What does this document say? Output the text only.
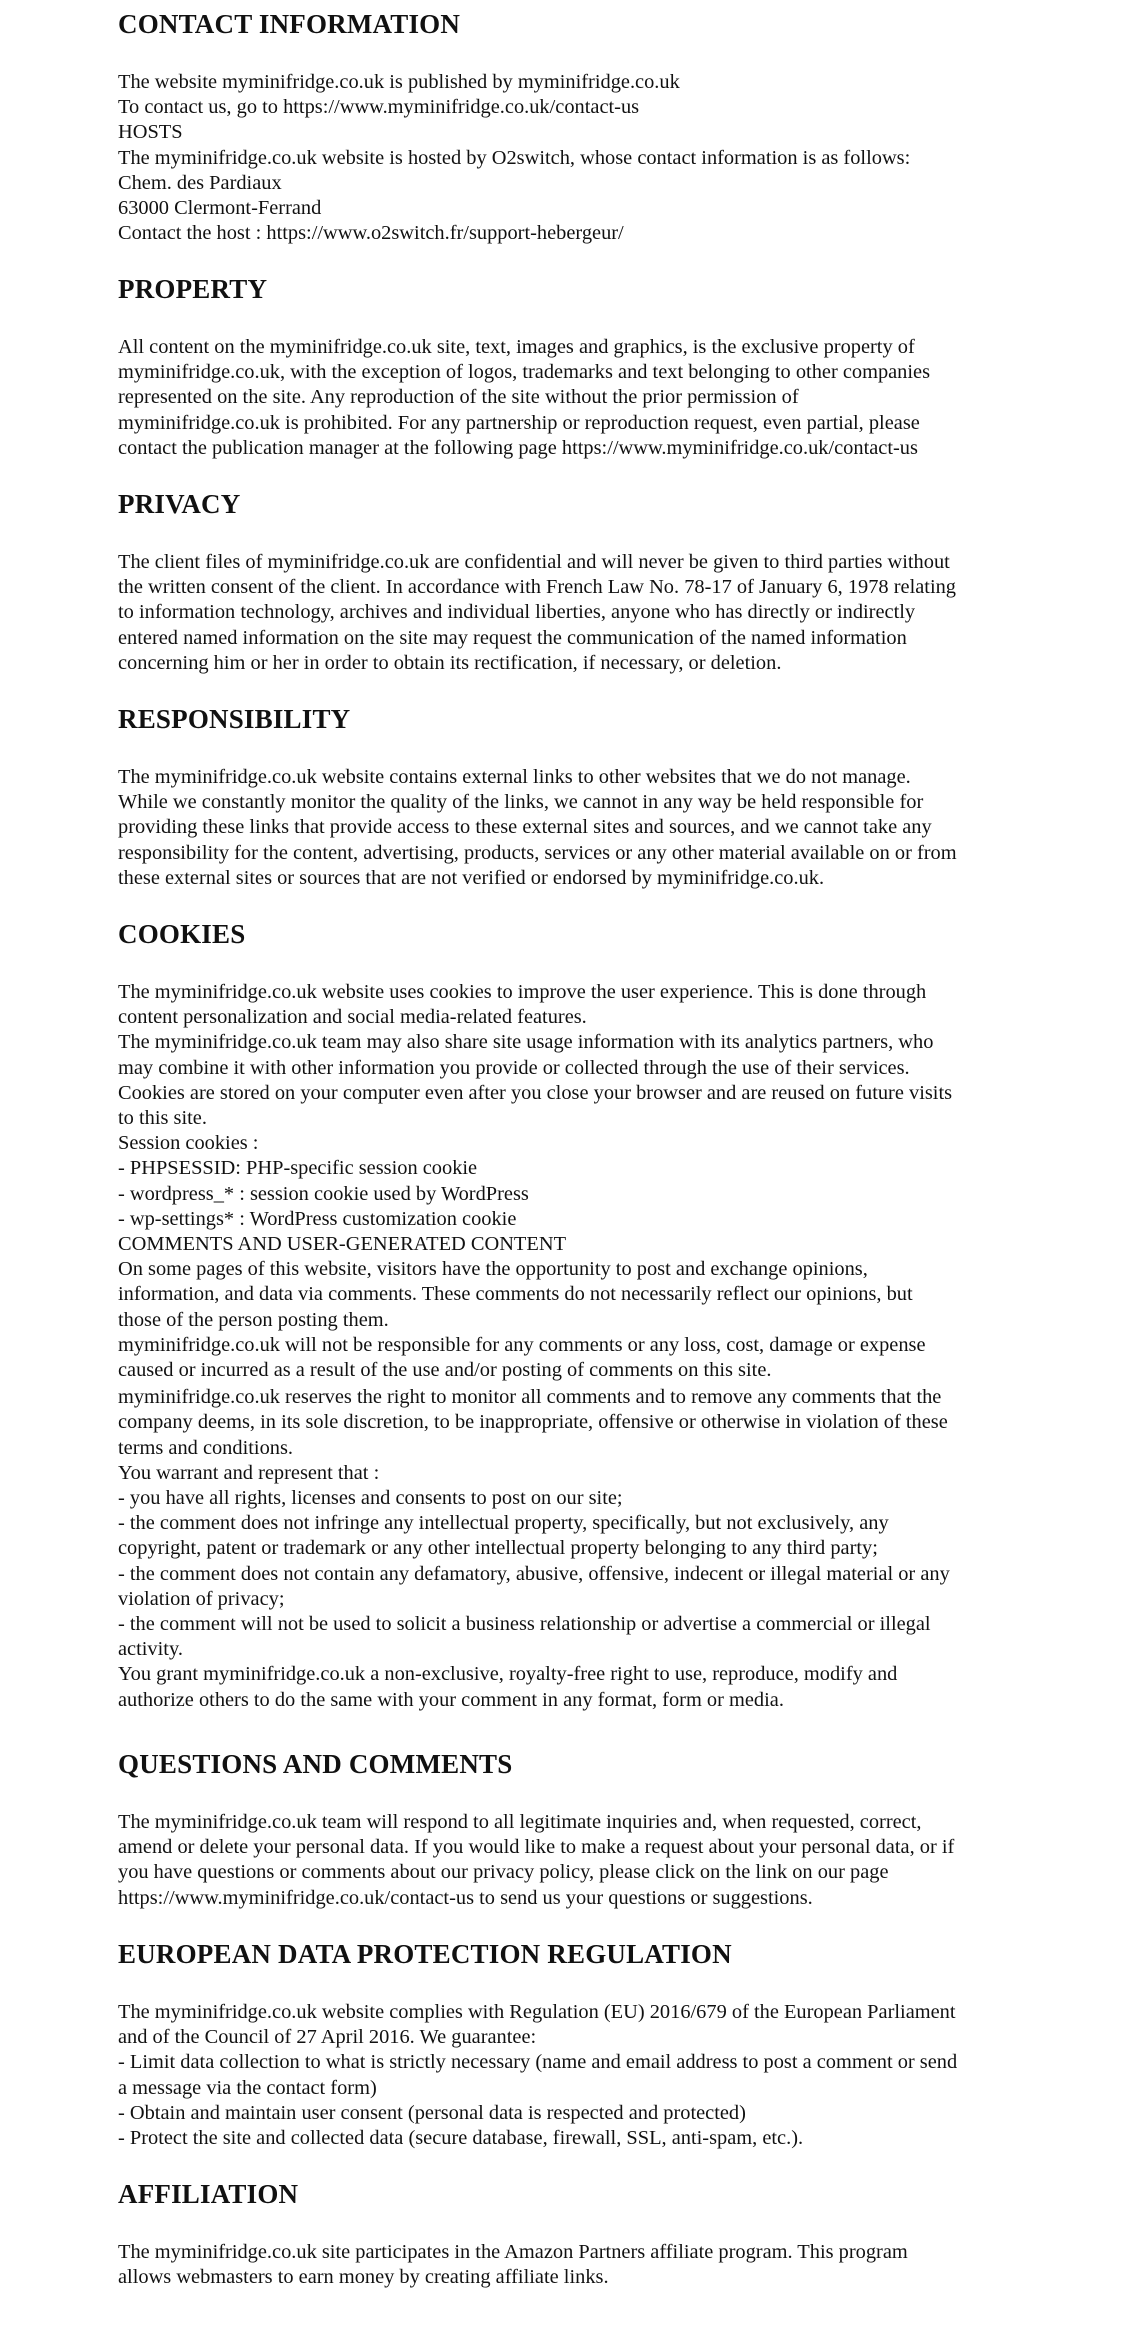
CONTACT INFORMATION
The website myminifridge.co.uk is published by myminifridge.co.uk
To contact us, go to https://www.myminifridge.co.uk/contact-us
HOSTS
The myminifridge.co.uk website is hosted by O2switch, whose contact information is as follows:
Chem. des Pardiaux
63000 Clermont-Ferrand
Contact the host : https://www.o2switch.fr/support-hebergeur/
PROPERTY
All content on the myminifridge.co.uk site, text, images and graphics, is the exclusive property of
myminifridge.co.uk, with the exception of logos, trademarks and text belonging to other companies
represented on the site. Any reproduction of the site without the prior permission of
myminifridge.co.uk is prohibited. For any partnership or reproduction request, even partial, please
contact the publication manager at the following page https://www.myminifridge.co.uk/contact-us
PRIVACY
The client files of myminifridge.co.uk are confidential and will never be given to third parties without
the written consent of the client. In accordance with French Law No. 78-17 of January 6, 1978 relating
to information technology, archives and individual liberties, anyone who has directly or indirectly
entered named information on the site may request the communication of the named information
concerning him or her in order to obtain its rectification, if necessary, or deletion.
RESPONSIBILITY
The myminifridge.co.uk website contains external links to other websites that we do not manage.
While we constantly monitor the quality of the links, we cannot in any way be held responsible for
providing these links that provide access to these external sites and sources, and we cannot take any
responsibility for the content, advertising, products, services or any other material available on or from
these external sites or sources that are not verified or endorsed by myminifridge.co.uk.
COOKIES
The myminifridge.co.uk website uses cookies to improve the user experience. This is done through
content personalization and social media-related features.
The myminifridge.co.uk team may also share site usage information with its analytics partners, who
may combine it with other information you provide or collected through the use of their services.
Cookies are stored on your computer even after you close your browser and are reused on future visits
to this site.
Session cookies :
- PHPSESSID: PHP-specific session cookie
- wordpress_* : session cookie used by WordPress
- wp-settings* : WordPress customization cookie
COMMENTS AND USER-GENERATED CONTENT
On some pages of this website, visitors have the opportunity to post and exchange opinions,
information, and data via comments. These comments do not necessarily reflect our opinions, but
those of the person posting them.
myminifridge.co.uk will not be responsible for any comments or any loss, cost, damage or expense
caused or incurred as a result of the use and/or posting of comments on this site.
myminifridge.co.uk reserves the right to monitor all comments and to remove any comments that the
company deems, in its sole discretion, to be inappropriate, offensive or otherwise in violation of these
terms and conditions.
You warrant and represent that :
- you have all rights, licenses and consents to post on our site;
- the comment does not infringe any intellectual property, specifically, but not exclusively, any
copyright, patent or trademark or any other intellectual property belonging to any third party;
- the comment does not contain any defamatory, abusive, offensive, indecent or illegal material or any
violation of privacy;
- the comment will not be used to solicit a business relationship or advertise a commercial or illegal
activity.
You grant myminifridge.co.uk a non-exclusive, royalty-free right to use, reproduce, modify and
authorize others to do the same with your comment in any format, form or media.
QUESTIONS AND COMMENTS
The myminifridge.co.uk team will respond to all legitimate inquiries and, when requested, correct,
amend or delete your personal data. If you would like to make a request about your personal data, or if
you have questions or comments about our privacy policy, please click on the link on our page
https://www.myminifridge.co.uk/contact-us to send us your questions or suggestions.
EUROPEAN DATA PROTECTION REGULATION
The myminifridge.co.uk website complies with Regulation (EU) 2016/679 of the European Parliament
and of the Council of 27 April 2016. We guarantee:
- Limit data collection to what is strictly necessary (name and email address to post a comment or send
a message via the contact form)
- Obtain and maintain user consent (personal data is respected and protected)
- Protect the site and collected data (secure database, firewall, SSL, anti-spam, etc.).
AFFILIATION
The myminifridge.co.uk site participates in the Amazon Partners affiliate program. This program
allows webmasters to earn money by creating affiliate links.
